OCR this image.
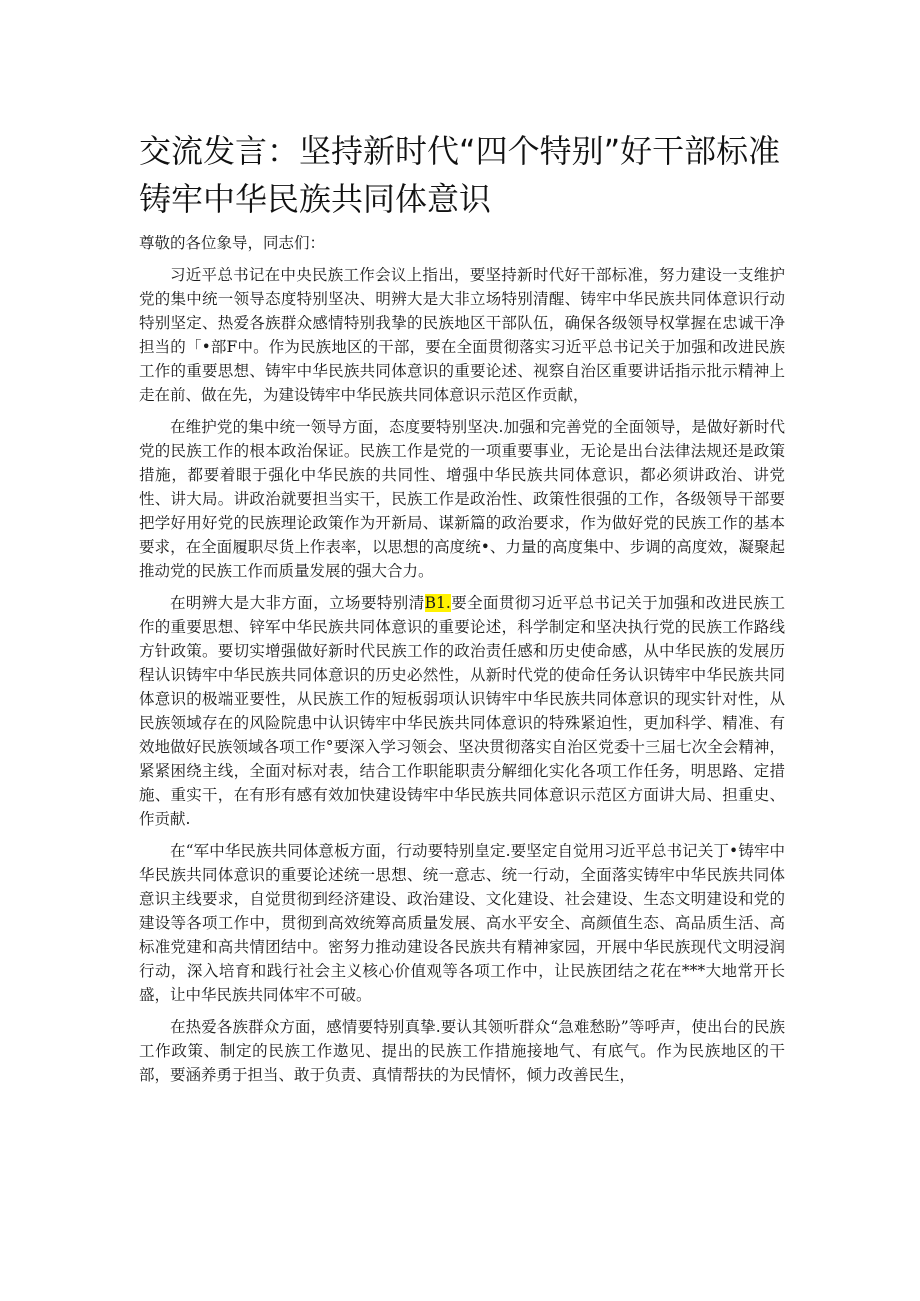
交流发言：坚持新时代“四个特别”好干部标准铸牢中华民族共同体意识

尊敬的各位象导，同志们：

习近平总书记在中央民族工作会议上指出，要坚持新时代好干部标准，努力建设一支维护党的集中统一领导态度特别坚决、明辨大是大非立场特别清醒、铸牢中华民族共同体意识行动特别坚定、热爱各族群众感情特别我挚的民族地区干部队伍，确保各级领导权掌握在忠诚干净担当的「•部F中。作为民族地区的干部，要在全面贯彻落实习近平总书记关于加强和改进民族工作的重要思想、铸牢中华民族共同体意识的重要论述、视察自治区重要讲话指示批示精神上走在前、做在先，为建设铸牢中华民族共同体意识示范区作贡献，

在维护党的集中统一领导方面，态度要特别坚决.加强和完善党的全面领导，是做好新时代党的民族工作的根本政治保证。民族工作是党的一项重要事业，无论是出台法律法规还是政策措施，都要着眼于强化中华民族的共同性、增强中华民族共同体意识，都必须讲政治、讲党性、讲大局。讲政治就要担当实干，民族工作是政治性、政策性很强的工作，各级领导干部要把学好用好党的民族理论政策作为开新局、谋新篇的政治要求，作为做好党的民族工作的基本要求，在全面履职尽货上作表率，以思想的高度统•、力量的高度集中、步调的高度效，凝聚起推动党的民族工作而质量发展的强大合力。

在明辨大是大非方面，立场要特别清B1.要全面贯彻习近平总书记关于加强和改进民族工作的重要思想、锌军中华民族共同体意识的重要论述，科学制定和坚决执行党的民族工作路线方针政策。要切实增强做好新时代民族工作的政治责任感和历史使命感，从中华民族的发展历程认识铸牢中华民族共同体意识的历史必然性，从新时代党的使命任务认识铸牢中华民族共同体意识的极端亚要性，从民族工作的短板弱项认识铸牢中华民族共同体意识的现实针对性，从民族领域存在的风险院患中认识铸牢中华民族共同体意识的特殊紧迫性，更加科学、精准、有效地做好民族领域各项工作°要深入学习领会、坚决贯彻落实自治区党委十三届七次全会精神，紧紧困绕主线，全面对标对表，结合工作职能职责分解细化实化各项工作任务，明思路、定措施、重实干，在有形有感有效加快建设铸牢中华民族共同体意识示范区方面讲大局、担重史、作贡献.

在“军中华民族共同体意板方面，行动要特别皇定.要坚定自觉用习近平总书记关丁•铸牢中华民族共同体意识的重要论述统一思想、统一意志、统一行动，全面落实铸牢中华民族共同体意识主线要求，自觉贯彻到经济建设、政治建设、文化建设、社会建设、生态文明建设和党的建设等各项工作中，贯彻到高效统筹高质量发展、高水平安全、高颜值生态、高品质生活、高标准党建和高共情团结中。密努力推动建设各民族共有精神家园，开展中华民族现代文明浸润行动，深入培育和践行社会主义核心价值观等各项工作中，让民族团结之花在***大地常开长盛，让中华民族共同体牢不可破。

在热爱各族群众方面，感情要特别真挚.要认其领听群众“急难愁盼”等呼声，使出台的民族工作政策、制定的民族工作遨见、提出的民族工作措施接地气、有底气。作为民族地区的干部，要涵养勇于担当、敢于负责、真情帮扶的为民情怀，倾力改善民生，
